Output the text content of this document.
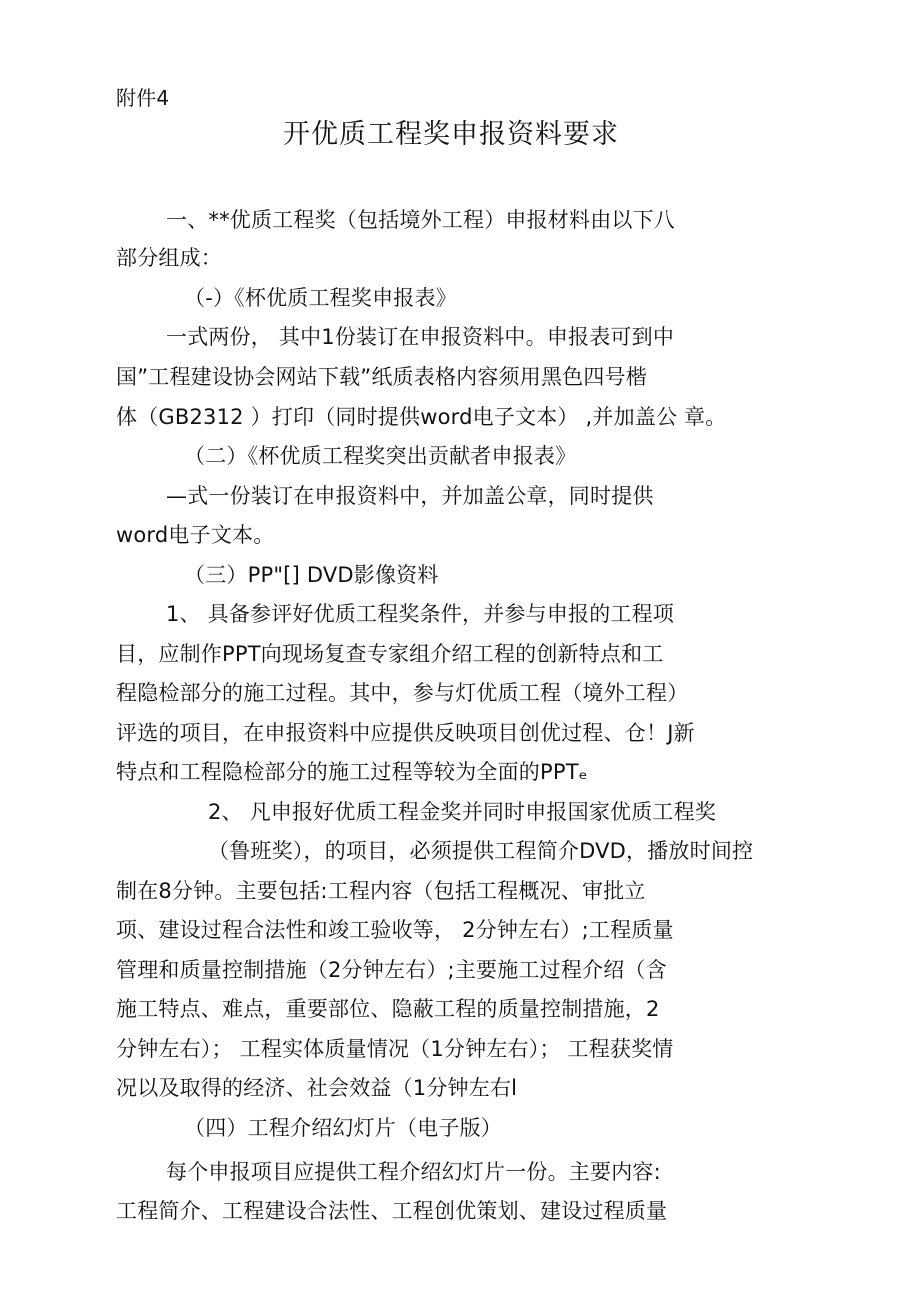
附件4
开优质工程奖申报资料要求
一、**优质工程奖（包括境外工程）申报材料由以下八
部分组成：
（-）《杯优质工程奖申报表》
一式两份， 其中1份装订在申报资料中。申报表可到中
国”工程建设协会网站下载”纸质表格内容须用黑色四号楷
体（GB2312 ）打印（同时提供word电子文本） ,并加盖公 章。
（二）《杯优质工程奖突出贡献者申报表》
—式一份装订在申报资料中，并加盖公章，同时提供
word电子文本。
（三）PP"[] DVD影像资料
1、 具备参评好优质工程奖条件，并参与申报的工程项
目，应制作PPT向现场复查专家组介绍工程的创新特点和工
程隐检部分的施工过程。其中，参与灯优质工程（境外工程）
评选的项目，在申报资料中应提供反映项目创优过程、仓！J新
特点和工程隐检部分的施工过程等较为全面的PPTₑ
2、 凡申报好优质工程金奖并同时申报国家优质工程奖
（鲁班奖），的项目，必须提供工程简介DVD，播放时间控
制在8分钟。主要包括:工程内容（包括工程概况、审批立
项、建设过程合法性和竣工验收等， 2分钟左右）;工程质量
管理和质量控制措施（2分钟左右）;主要施工过程介绍（含
施工特点、难点，重要部位、隐蔽工程的质量控制措施，2
分钟左右）； 工程实体质量情况（1分钟左右）； 工程获奖情
况以及取得的经济、社会效益（1分钟左右l
（四）工程介绍幻灯片（电子版）
每个申报项目应提供工程介绍幻灯片一份。主要内容:
工程简介、工程建设合法性、工程创优策划、建设过程质量
